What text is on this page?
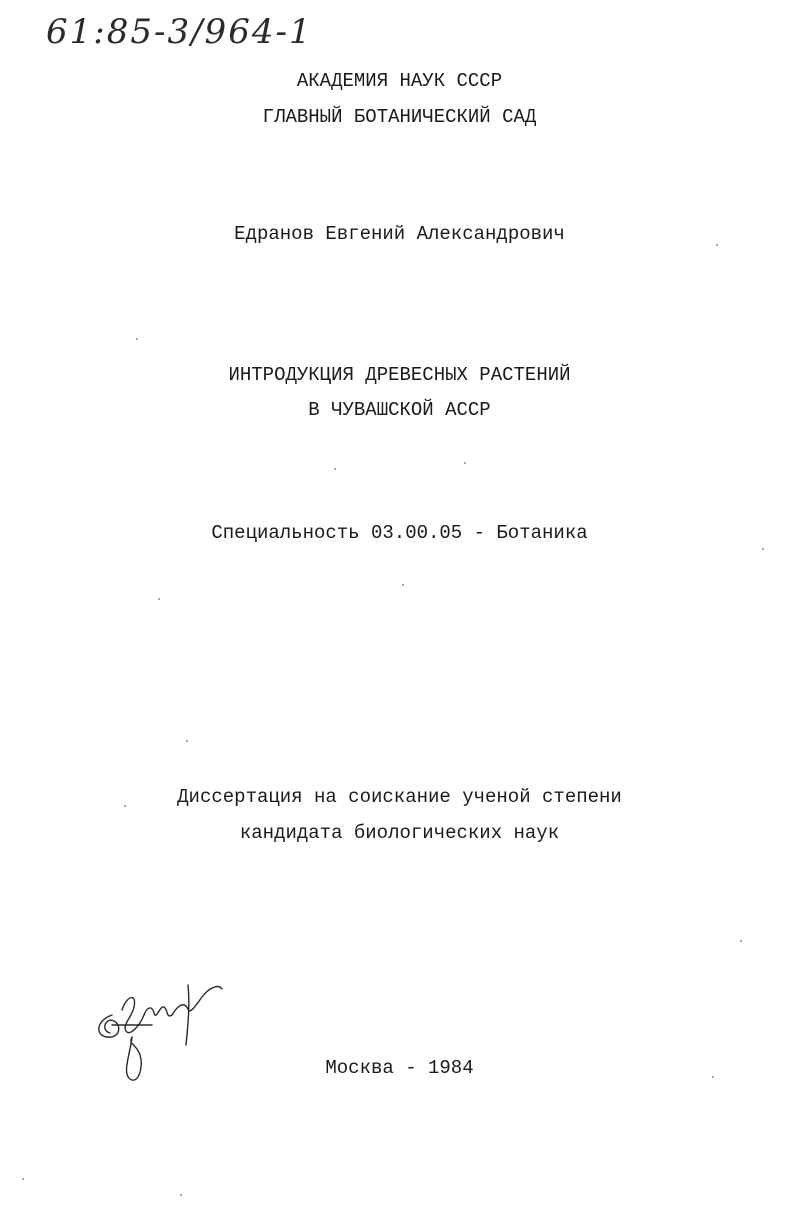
61:85-3/964-1
АКАДЕМИЯ НАУК СССР
ГЛАВНЫЙ БОТАНИЧЕСКИЙ САД
Едранов Евгений Александрович
ИНТРОДУКЦИЯ ДРЕВЕСНЫХ РАСТЕНИЙ
В ЧУВАШСКОЙ АССР
Специальность 03.00.05 - Ботаника
Диссертация на соискание ученой степени
кандидата биологических наук
Москва - 1984
